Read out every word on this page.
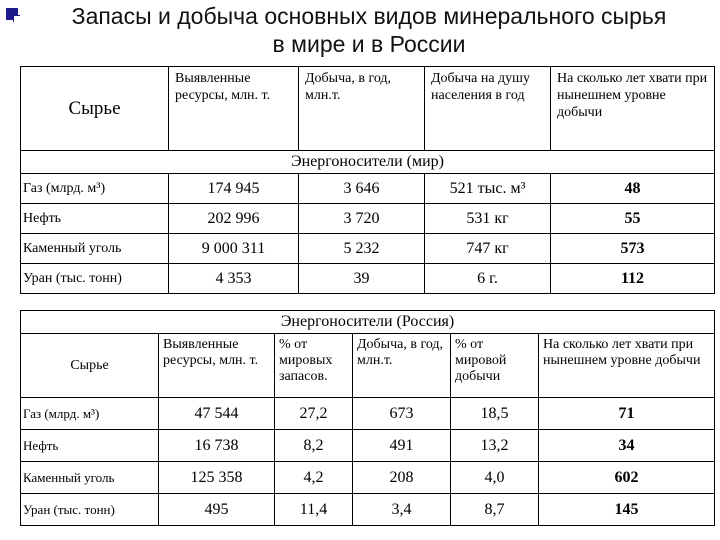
Запасы и добыча основных видов минерального сырья
в мире и в России
Сырье	Выявленные ресурсы, млн. т.	Добыча, в год, млн.т.	Добыча на душу населения в год	На сколько лет хвати при нынешнем уровне добычи
Энергоносители (мир)				
Газ (млрд. м³)	174 945	3 646	521 тыс. м³	48
Нефть	202 996	3 720	531 кг	55
Каменный уголь	9 000 311	5 232	747 кг	573
Уран (тыс. тонн)	4 353	39	6 г.	112
Энергоносители (Россия)					
Сырье	Выявленные ресурсы, млн. т.	% от мировых запасов.	Добыча, в год, млн.т.	% от мировой добычи	На сколько лет хвати при нынешнем уровне добычи
Газ (млрд. м³)	47 544	27,2	673	18,5	71
Нефть	16 738	8,2	491	13,2	34
Каменный уголь	125 358	4,2	208	4,0	602
Уран (тыс. тонн)	495	11,4	3,4	8,7	145
